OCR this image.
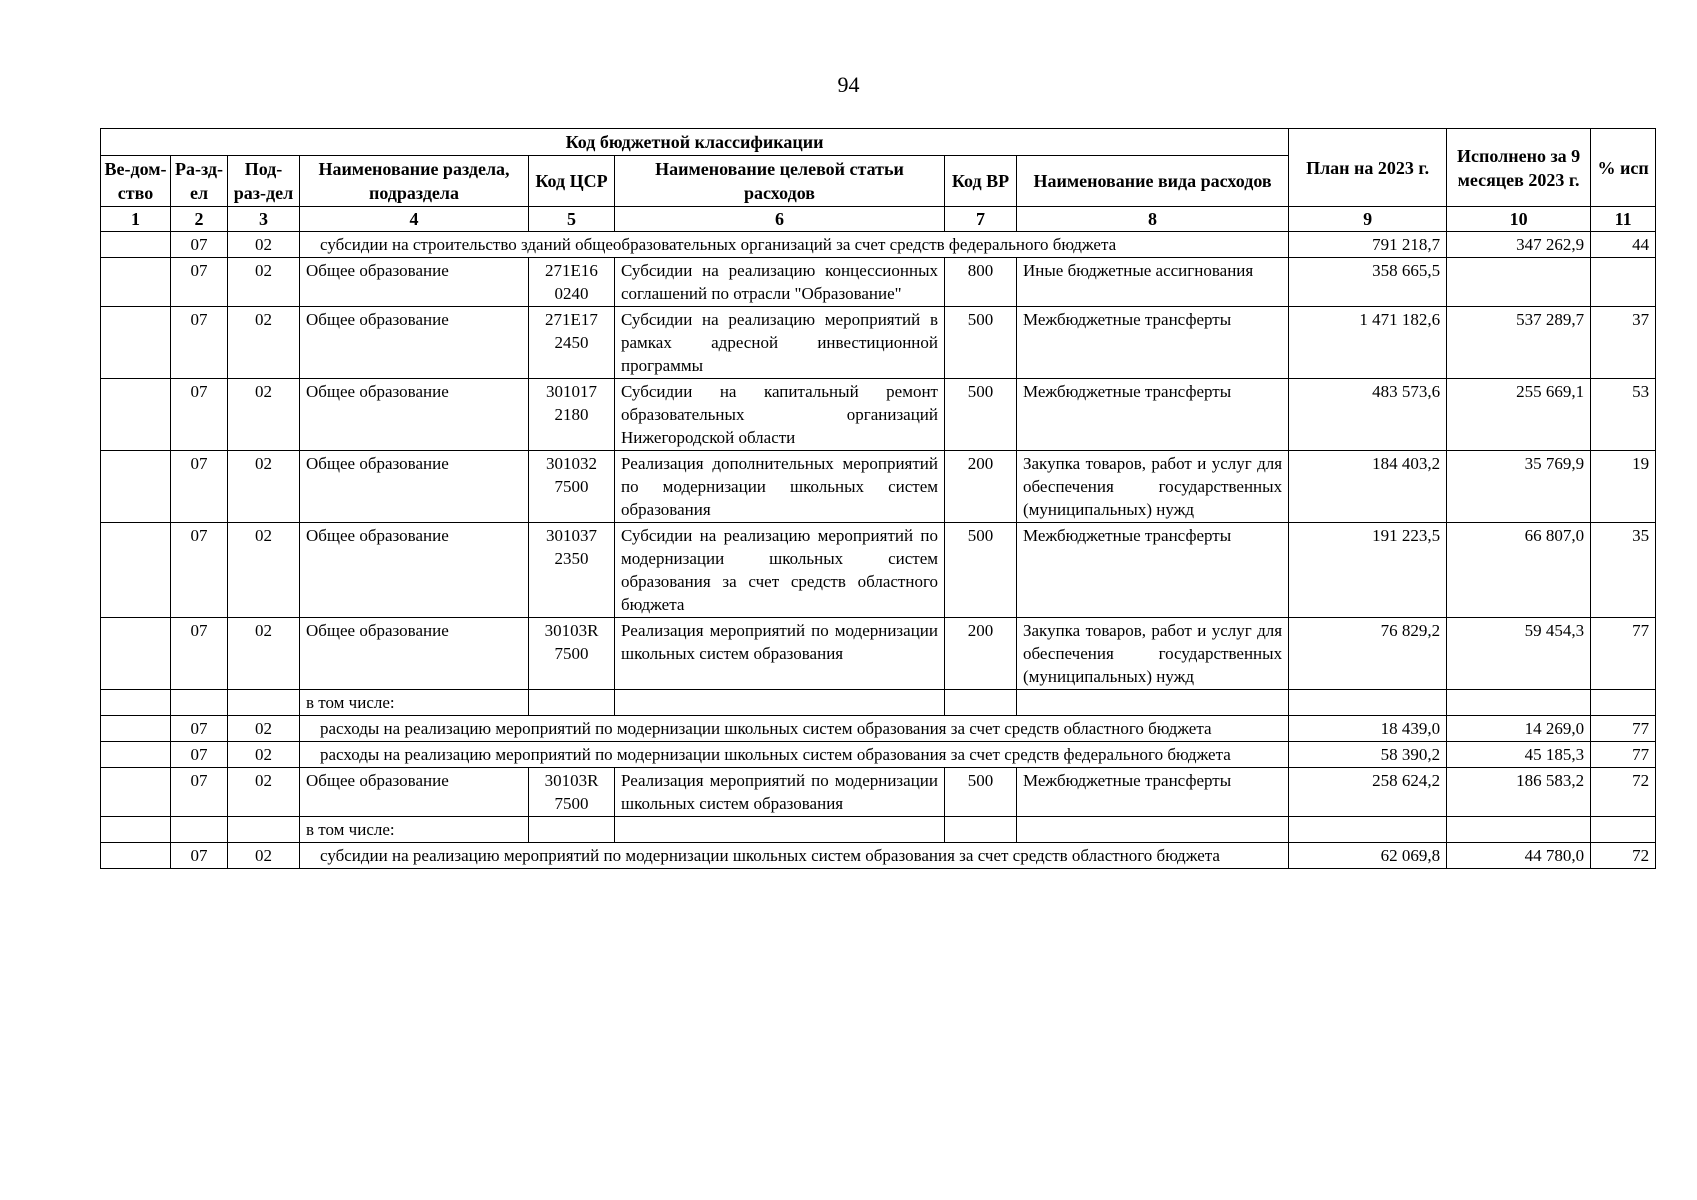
94
Код бюджетной классификации								План на 2023 г.	Исполнено за 9 месяцев 2023 г.	% исп
Ве-дом-ство	Ра-зд-ел	Под-раз-дел	Наименование раздела, подраздела	Код ЦСР	Наименование целевой статьи расходов	Код ВР	Наименование вида расходов			
1	2	3	4	5	6	7	8	9	10	11
	07	02	субсидии на строительство зданий общеобразовательных организаций за счет средств федерального бюджета					791 218,7	347 262,9	44
	07	02	Общее образование	271Е16 0240	Субсидии на реализацию концессионных соглашений по отрасли "Образование"	800	Иные бюджетные ассигнования	358 665,5		
	07	02	Общее образование	271Е17 2450	Субсидии на реализацию мероприятий в рамках адресной инвестиционной программы	500	Межбюджетные трансферты	1 471 182,6	537 289,7	37
	07	02	Общее образование	301017 2180	Субсидии на капитальный ремонт образовательных организаций Нижегородской области	500	Межбюджетные трансферты	483 573,6	255 669,1	53
	07	02	Общее образование	301032 7500	Реализация дополнительных мероприятий по модернизации школьных систем образования	200	Закупка товаров, работ и услуг для обеспечения государственных (муниципальных) нужд	184 403,2	35 769,9	19
	07	02	Общее образование	301037 2350	Субсидии на реализацию мероприятий по модернизации школьных систем образования за счет средств областного бюджета	500	Межбюджетные трансферты	191 223,5	66 807,0	35
	07	02	Общее образование	30103R 7500	Реализация мероприятий по модернизации школьных систем образования	200	Закупка товаров, работ и услуг для обеспечения государственных (муниципальных) нужд	76 829,2	59 454,3	77
			в том числе:							
	07	02	расходы на реализацию мероприятий по модернизации школьных систем образования за счет средств областного бюджета					18 439,0	14 269,0	77
	07	02	расходы на реализацию мероприятий по модернизации школьных систем образования за счет средств федерального бюджета					58 390,2	45 185,3	77
	07	02	Общее образование	30103R 7500	Реализация мероприятий по модернизации школьных систем образования	500	Межбюджетные трансферты	258 624,2	186 583,2	72
			в том числе:							
	07	02	субсидии на реализацию мероприятий по модернизации школьных систем образования за счет средств областного бюджета					62 069,8	44 780,0	72
